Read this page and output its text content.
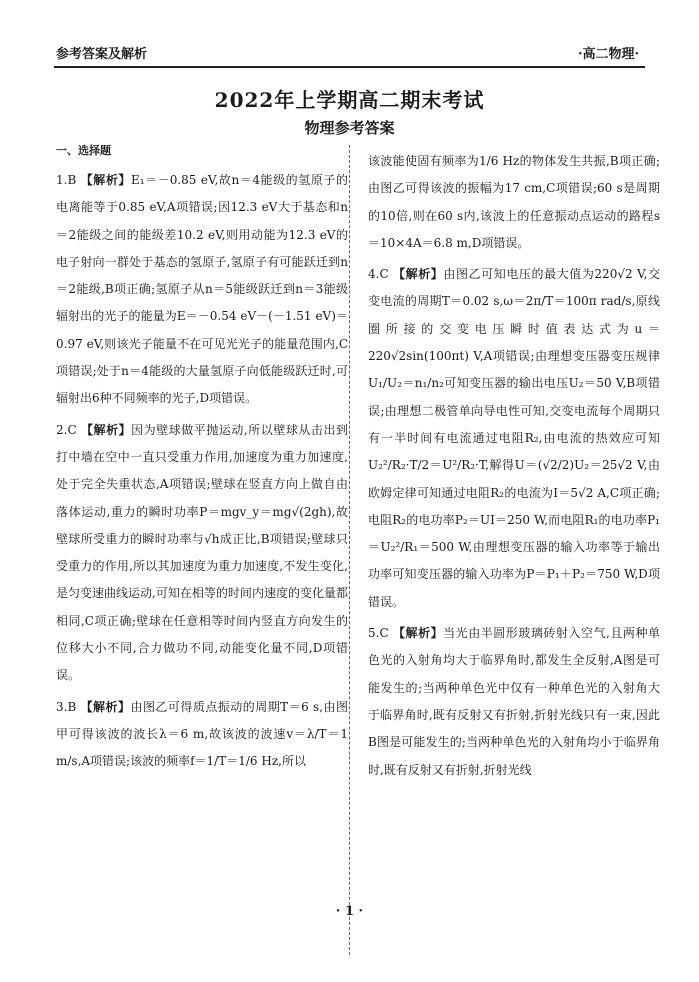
参考答案及解析	·高二物理·
2022年上学期高二期末考试
物理参考答案
一、选择题

1.B 【解析】E₁＝－0.85 eV,故n＝4能级的氢原子的电离能等于0.85 eV,A项错误;因12.3 eV大于基态和n＝2能级之间的能级差10.2 eV,则用动能为12.3 eV的电子射向一群处于基态的氢原子,氢原子有可能跃迁到n＝2能级,B项正确;氢原子从n＝5能级跃迁到n＝3能级辐射出的光子的能量为E＝－0.54 eV－(－1.51 eV)＝0.97 eV,则该光子能量不在可见光光子的能量范围内,C项错误;处于n＝4能级的大量氢原子向低能级跃迁时,可辐射出6种不同频率的光子,D项错误。

2.C 【解析】因为壁球做平抛运动,所以壁球从击出到打中墙在空中一直只受重力作用,加速度为重力加速度,处于完全失重状态,A项错误;壁球在竖直方向上做自由落体运动,重力的瞬时功率P＝mgv_y＝mg√(2gh),故壁球所受重力的瞬时功率与√h成正比,B项错误;壁球只受重力的作用,所以其加速度为重力加速度,不发生变化,是匀变速曲线运动,可知在相等的时间内速度的变化量都相同,C项正确;壁球在任意相等时间内竖直方向发生的位移大小不同,合力做功不同,动能变化量不同,D项错误。

3.B 【解析】由图乙可得质点振动的周期T＝6 s,由图甲可得该波的波长λ＝6 m,故该波的波速v＝λ/T＝1 m/s,A项错误;该波的频率f＝1/T＝1/6 Hz,所以

该波能使固有频率为1/6 Hz的物体发生共振,B项正确;由图乙可得该波的振幅为17 cm,C项错误;60 s是周期的10倍,则在60 s内,该波上的任意振动点运动的路程s＝10×4A＝6.8 m,D项错误。

4.C 【解析】由图乙可知电压的最大值为220√2 V,交变电流的周期T＝0.02 s,ω＝2π/T＝100π rad/s,原线圈所接的交变电压瞬时值表达式为u＝220√2sin(100πt) V,A项错误;由理想变压器变压规律U₁/U₂＝n₁/n₂可知变压器的输出电压U₂＝50 V,B项错误;由理想二极管单向导电性可知,交变电流每个周期只有一半时间有电流通过电阻R₂,由电流的热效应可知U₂²/R₂·T/2＝U²/R₂·T,解得U＝(√2/2)U₂＝25√2 V,由欧姆定律可知通过电阻R₂的电流为I＝5√2 A,C项正确;电阻R₂的电功率P₂＝UI＝250 W,而电阻R₁的电功率P₁＝U₂²/R₁＝500 W,由理想变压器的输入功率等于输出功率可知变压器的输入功率为P＝P₁＋P₂＝750 W,D项错误。

5.C 【解析】当光由半圆形玻璃砖射入空气,且两种单色光的入射角均大于临界角时,都发生全反射,A图是可能发生的;当两种单色光中仅有一种单色光的入射角大于临界角时,既有反射又有折射,折射光线只有一束,因此B图是可能发生的;当两种单色光的入射角均小于临界角时,既有反射又有折射,折射光线

· 1 ·
